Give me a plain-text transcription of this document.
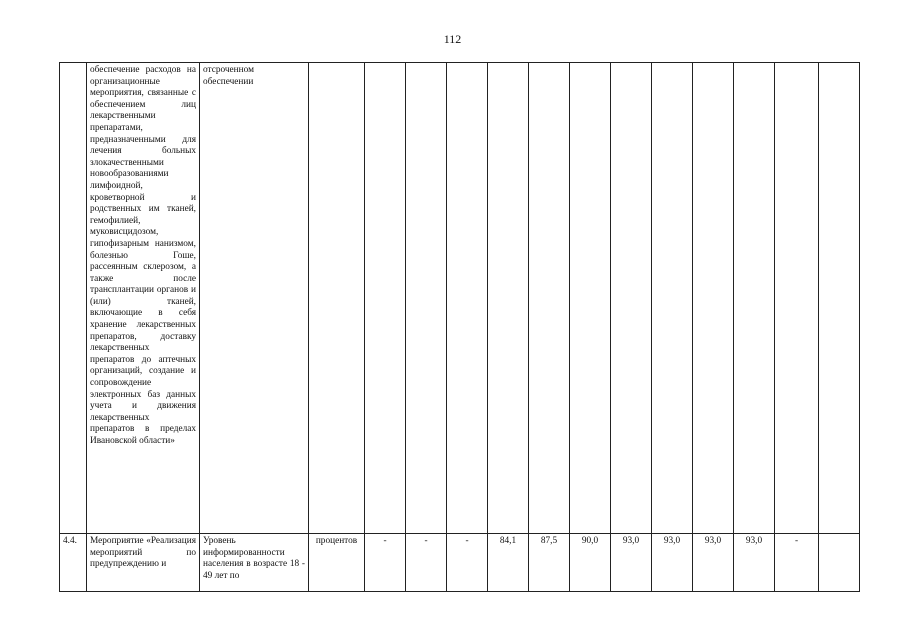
112
	обеспечение расходов на организационные мероприятия, связанные с обеспечением лиц лекарственными препаратами, предназначенными для лечения больных злокачественными новообразованиями лимфоидной, кроветворной и родственных им тканей, гемофилией, муковисцидозом, гипофизарным нанизмом, болезнью Гоше, рассеянным склерозом, а также после трансплантации органов и (или) тканей, включающие в себя хранение лекарственных препаратов, доставку лекарственных препаратов до аптечных организаций, создание и сопровождение электронных баз данных учета и движения лекарственных препаратов в пределах Ивановской области»	отсроченном обеспечении													
4.4.	Мероприятие «Реализация мероприятий по предупреждению и	Уровень информированности населения в возрасте 18 - 49 лет по	процентов	-	-	-	84,1	87,5	90,0	93,0	93,0	93,0	93,0	-	
